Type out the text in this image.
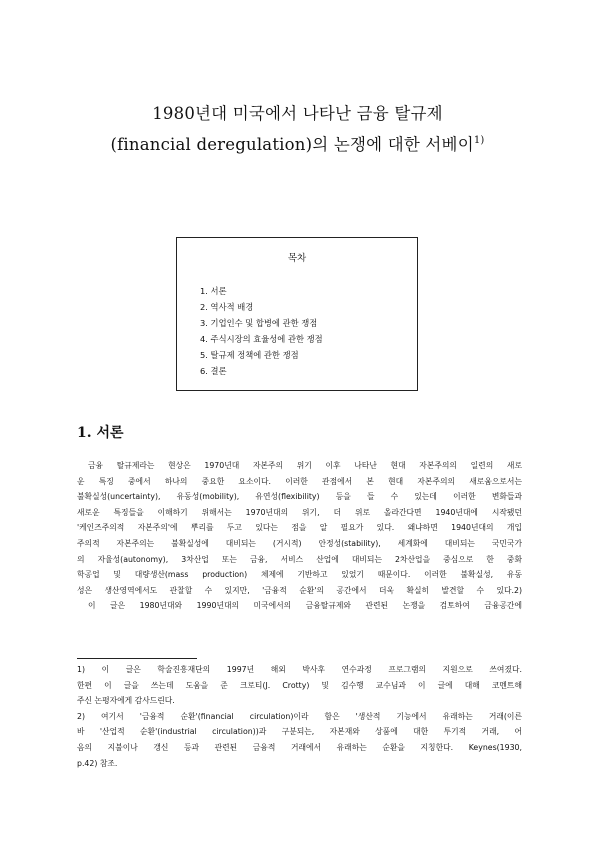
1980년대 미국에서 나타난 금융 탈규제
(financial deregulation)의 논쟁에 대한 서베이$^{1)}$
목차
1. 서론
2. 역사적 배경
3. 기업인수 및 합병에 관한 쟁점
4. 주식시장의 효율성에 관한 쟁점
5. 탈규제 정책에 관한 쟁점
6. 결론
1. 서론
금융 탈규제라는 현상은 1970년대 자본주의 위기 이후 나타난 현대 자본주의의 일련의 새로
운 특징 중에서 하나의 중요한 요소이다. 이러한 관점에서 본 현대 자본주의의 새로움으로서는
불확실성(uncertainty), 유동성(mobility), 유연성(flexibility) 등을 들 수 있는데 이러한 변화들과
새로운 특징들을 이해하기 위해서는 1970년대의 위기, 더 위로 올라간다면 1940년대에 시작됐던
'케인즈주의적 자본주의'에 뿌리를 두고 있다는 점을 알 필요가 있다. 왜냐하면 1940년대의 개입
주의적 자본주의는 불확실성에 대비되는 (거시적) 안정성(stability), 세계화에 대비되는 국민국가
의 자율성(autonomy), 3차산업 또는 금융, 서비스 산업에 대비되는 2차산업을 중심으로 한 중화
학공업 및 대량생산(mass production) 체제에 기반하고 있었기 때문이다. 이러한 불확실성, 유동
성은 생산영역에서도 관찰할 수 있지만, '금융적 순환'의 공간에서 더욱 확실히 발견할 수 있다.2)
이 글은 1980년대와 1990년대의 미국에서의 금융탈규제와 관련된 논쟁을 검토하여 금융공간에
1) 이 글은 학술진흥재단의 1997년 해외 박사후 연수과정 프로그램의 지원으로 쓰여졌다.
한편 이 글을 쓰는데 도움을 준 크로티(J. Crotty) 및 김수행 교수님과 이 글에 대해 코멘트해
주신 논평자에게 감사드린다.
2) 여기서 '금융적 순환'(financial circulation)이라 함은 '생산적 기능에서 유래하는 거래(이른
바 '산업적 순환'(industrial circulation))과 구분되는, 자본재와 상품에 대한 투기적 거래, 어
음의 지불이나 갱신 등과 관련된 금융적 거래에서 유래하는 순환을 지칭한다. Keynes(1930,
p.42) 참조.
